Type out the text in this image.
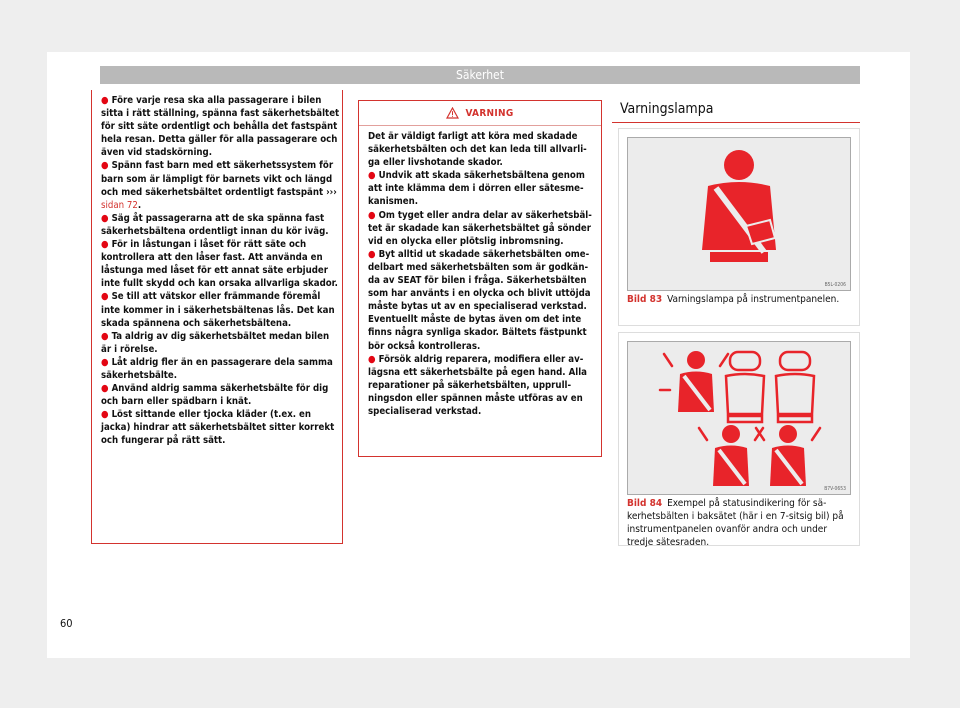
Säkerhet

● Före varje resa ska alla passagerare i bilen sitta i rätt ställning, spänna fast säkerhetsbältet för sitt säte ordentligt och behålla det fastspänt hela resan. Detta gäller för alla passagerare och även vid stadskörning.

● Spänn fast barn med ett säkerhetssystem för barn som är lämpligt för barnets vikt och längd och med säkerhetsbältet ordentligt fastspänt ››› sidan 72.

● Säg åt passagerarna att de ska spänna fast säkerhetsbältena ordentligt innan du kör iväg.

● För in låstungan i låset för rätt säte och kontrollera att den låser fast. Att använda en låstunga med låset för ett annat säte erbjuder inte fullt skydd och kan orsaka allvarliga skador.

● Se till att vätskor eller främmande föremål inte kommer in i säkerhetsbältenas lås. Det kan skada spännena och säkerhetsbältena.

● Ta aldrig av dig säkerhetsbältet medan bilen är i rörelse.

● Låt aldrig fler än en passagerare dela samma säkerhetsbälte.

● Använd aldrig samma säkerhetsbälte för dig och barn eller spädbarn i knät.

● Löst sittande eller tjocka kläder (t.ex. en jacka) hindrar att säkerhetsbältet sitter korrekt och fungerar på rätt sätt.

VARNING

Det är väldigt farligt att köra med skadade säkerhetsbälten och det kan leda till allvarliga eller livshotande skador.

● Undvik att skada säkerhetsbältena genom att inte klämma dem i dörren eller sätesmekanismen.

● Om tyget eller andra delar av säkerhetsbältet är skadade kan säkerhetsbältet gå sönder vid en olycka eller plötslig inbromsning.

● Byt alltid ut skadade säkerhetsbälten omedelbart med säkerhetsbälten som är godkända av SEAT för bilen i fråga. Säkerhetsbälten som har använts i en olycka och blivit uttöjda måste bytas ut av en specialiserad verkstad. Eventuellt måste de bytas även om det inte finns några synliga skador. Bältets fästpunkt bör också kontrolleras.

● Försök aldrig reparera, modifiera eller avlägsna ett säkerhetsbälte på egen hand. Alla reparationer på säkerhetsbälten, upprullningsdon eller spännen måste utföras av en specialiserad verkstad.

Varningslampa
B5L-0206
Bild 83 Varningslampa på instrumentpanelen.
B7V-0653
Bild 84 Exempel på statusindikering för säkerhetsbälten i baksätet (här i en 7-sitsig bil) på instrumentpanelen ovanför andra och under tredje sätesraden.
60
